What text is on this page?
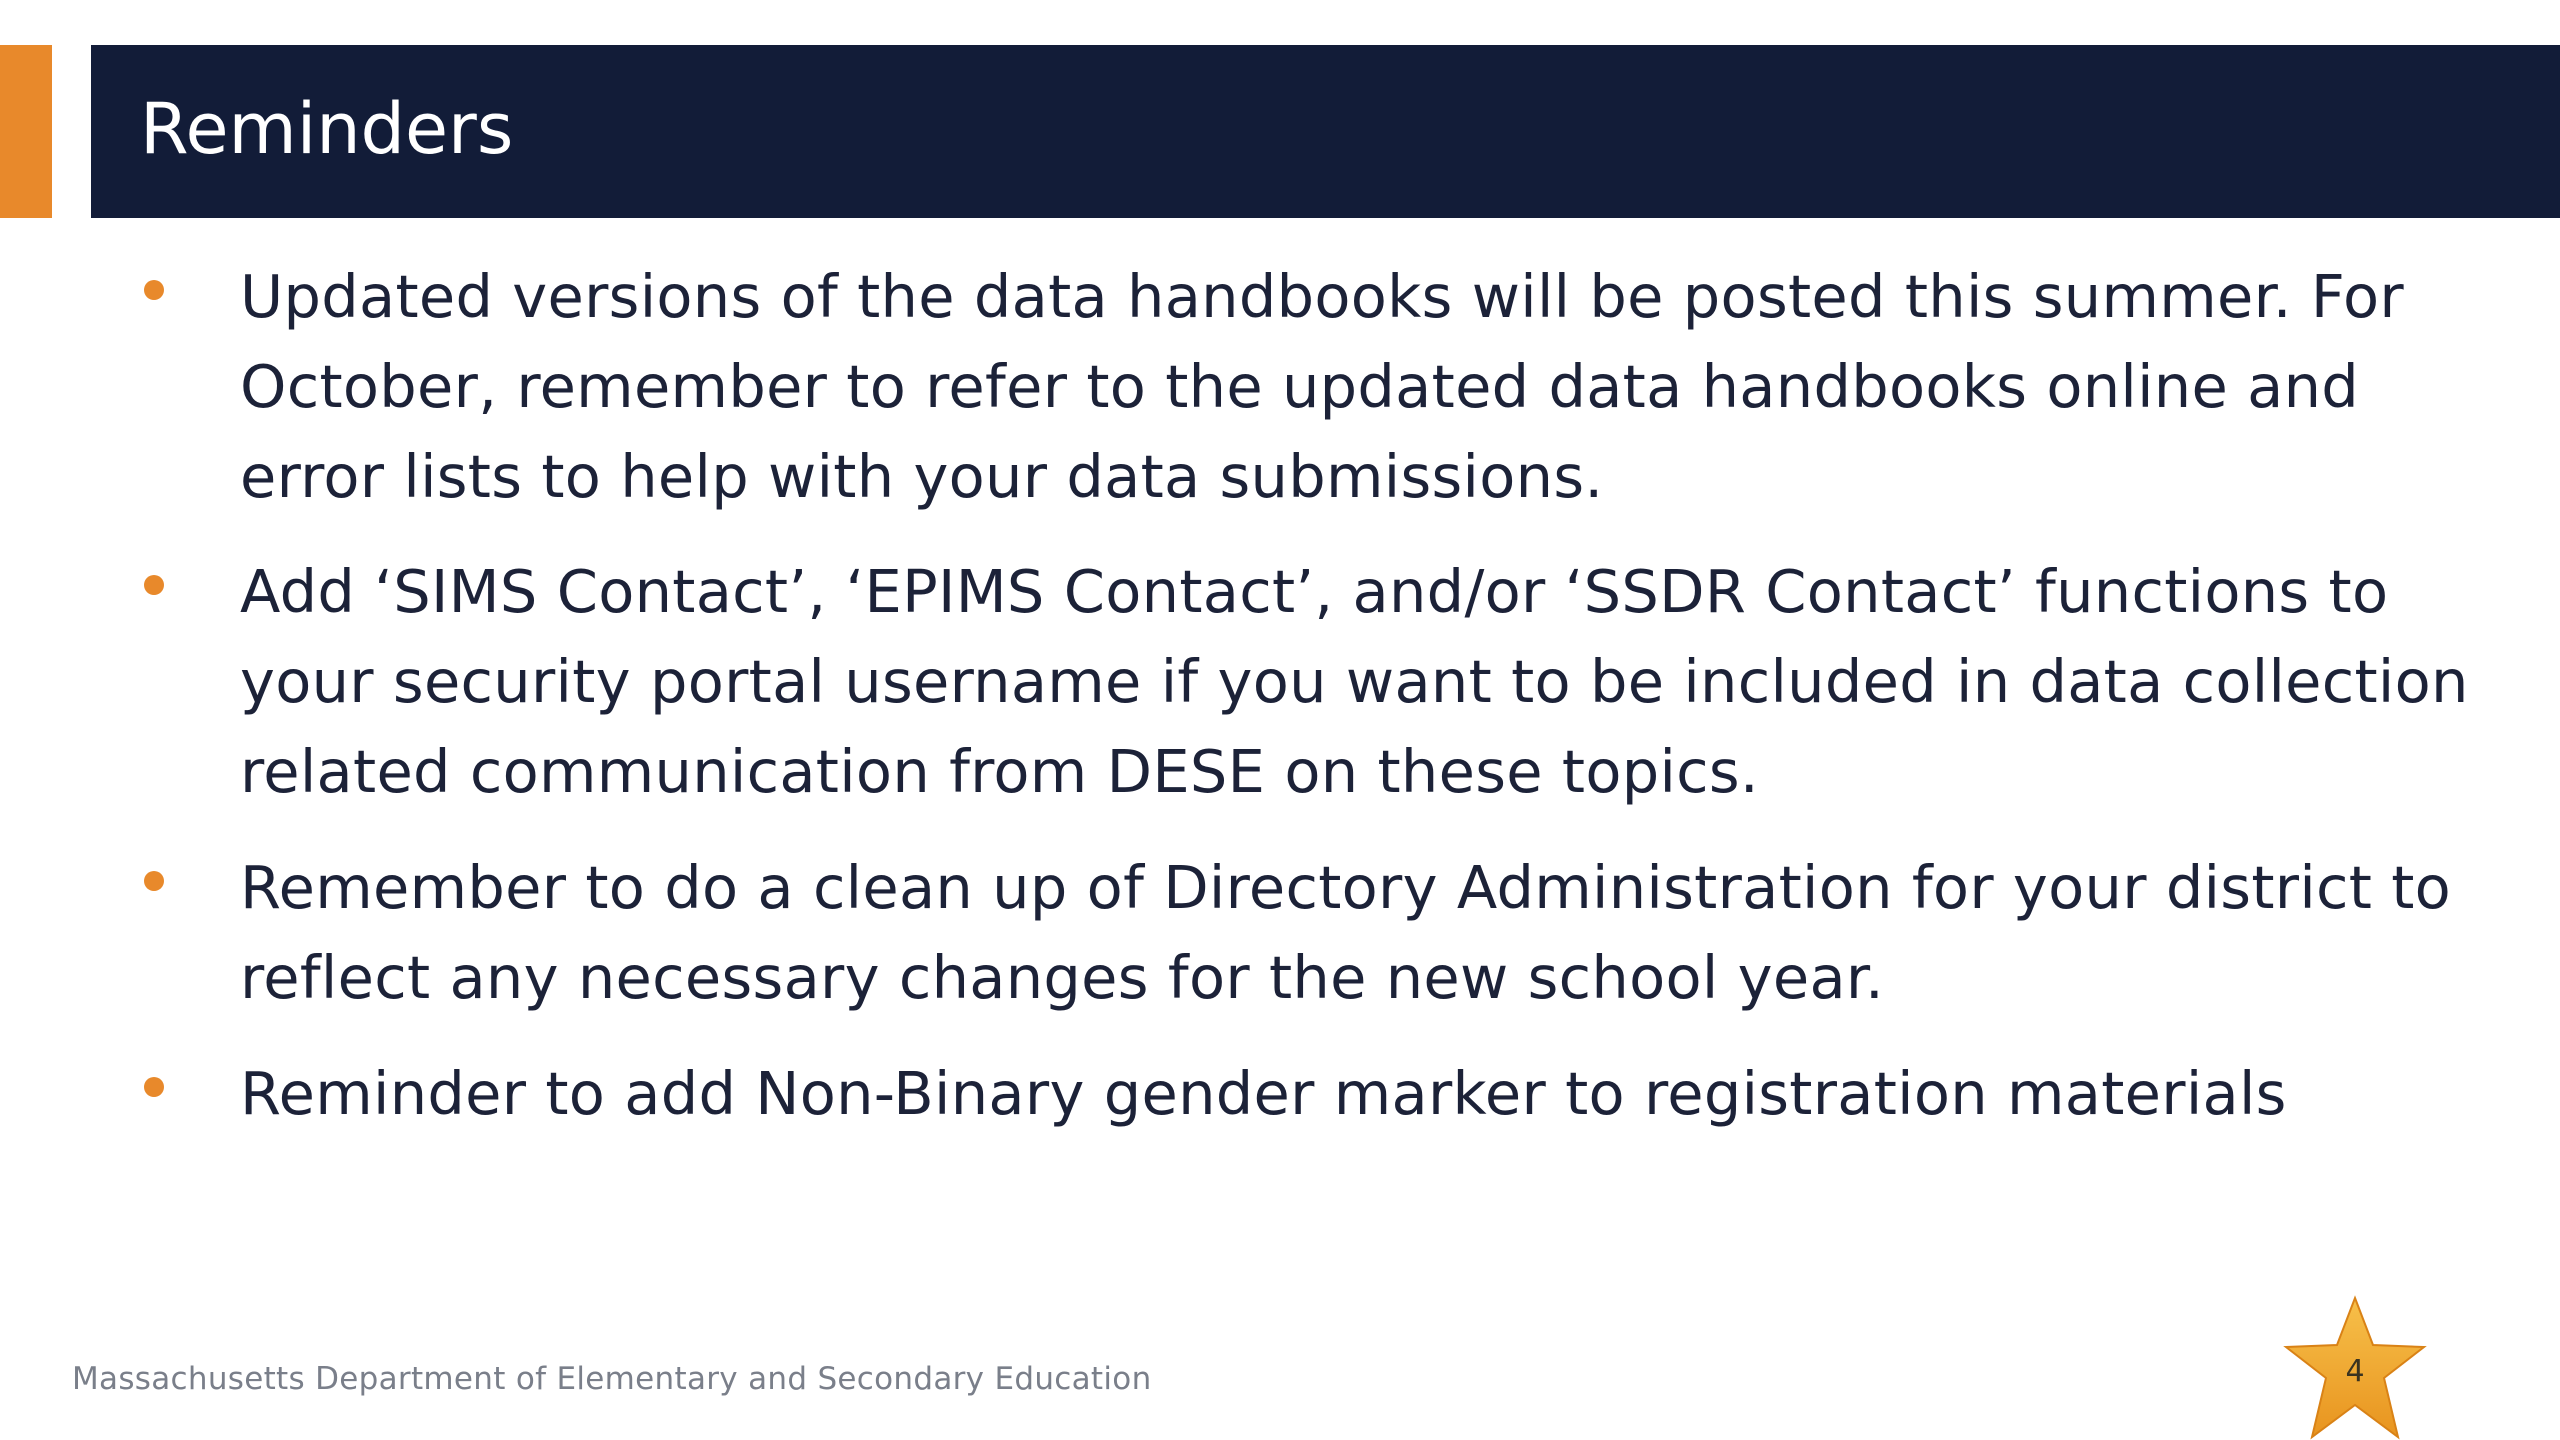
Reminders
Updated versions of the data handbooks will be posted this summer. For October, remember to refer to the updated data handbooks online and error lists to help with your data submissions.
Add ‘SIMS Contact’, ‘EPIMS Contact’, and/or ‘SSDR Contact’ functions to your security portal username if you want to be included in data collection related communication from DESE on these topics.
Remember to do a clean up of Directory Administration for your district to reflect any necessary changes for the new school year.
Reminder to add Non-Binary gender marker to registration materials
Massachusetts Department of Elementary and Secondary Education	4
